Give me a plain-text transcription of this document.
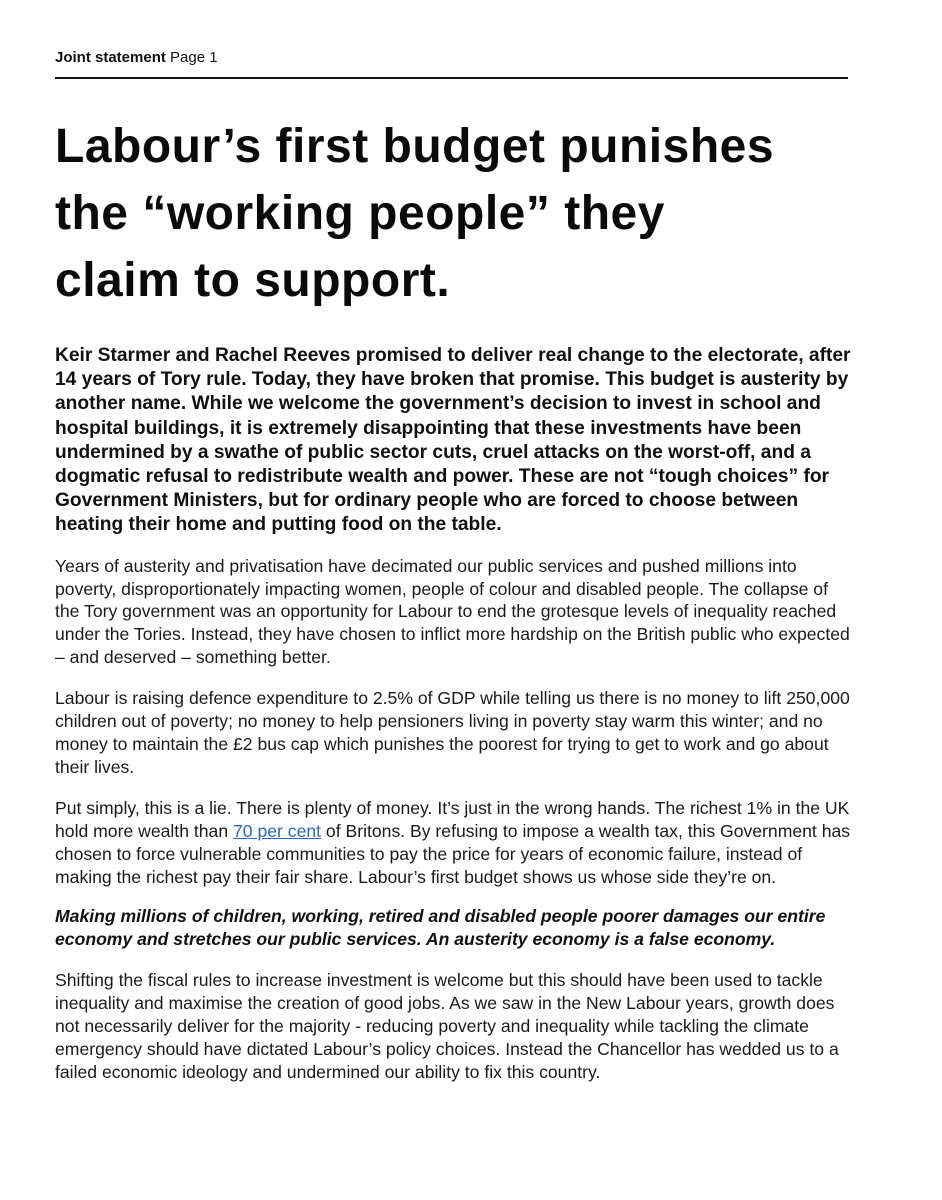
Joint statement Page 1
Labour’s first budget punishes
the “working people” they
claim to support.

Keir Starmer and Rachel Reeves promised to deliver real change to the electorate, after 14 years of Tory rule. Today, they have broken that promise. This budget is austerity by another name. While we welcome the government’s decision to invest in school and hospital buildings, it is extremely disappointing that these investments have been undermined by a swathe of public sector cuts, cruel attacks on the worst-off, and a dogmatic refusal to redistribute wealth and power. These are not “tough choices” for Government Ministers, but for ordinary people who are forced to choose between heating their home and putting food on the table.

Years of austerity and privatisation have decimated our public services and pushed millions into poverty, disproportionately impacting women, people of colour and disabled people. The collapse of the Tory government was an opportunity for Labour to end the grotesque levels of inequality reached under the Tories. Instead, they have chosen to inflict more hardship on the British public who expected – and deserved – something better.

Labour is raising defence expenditure to 2.5% of GDP while telling us there is no money to lift 250,000 children out of poverty; no money to help pensioners living in poverty stay warm this winter; and no money to maintain the £2 bus cap which punishes the poorest for trying to get to work and go about their lives.

Put simply, this is a lie. There is plenty of money. It’s just in the wrong hands. The richest 1% in the UK hold more wealth than 70 per cent of Britons. By refusing to impose a wealth tax, this Government has chosen to force vulnerable communities to pay the price for years of economic failure, instead of making the richest pay their fair share. Labour’s first budget shows us whose side they’re on.

Making millions of children, working, retired and disabled people poorer damages our entire economy and stretches our public services. An austerity economy is a false economy.

Shifting the fiscal rules to increase investment is welcome but this should have been used to tackle inequality and maximise the creation of good jobs. As we saw in the New Labour years, growth does not necessarily deliver for the majority - reducing poverty and inequality while tackling the climate emergency should have dictated Labour’s policy choices. Instead the Chancellor has wedded us to a failed economic ideology and undermined our ability to fix this country.
